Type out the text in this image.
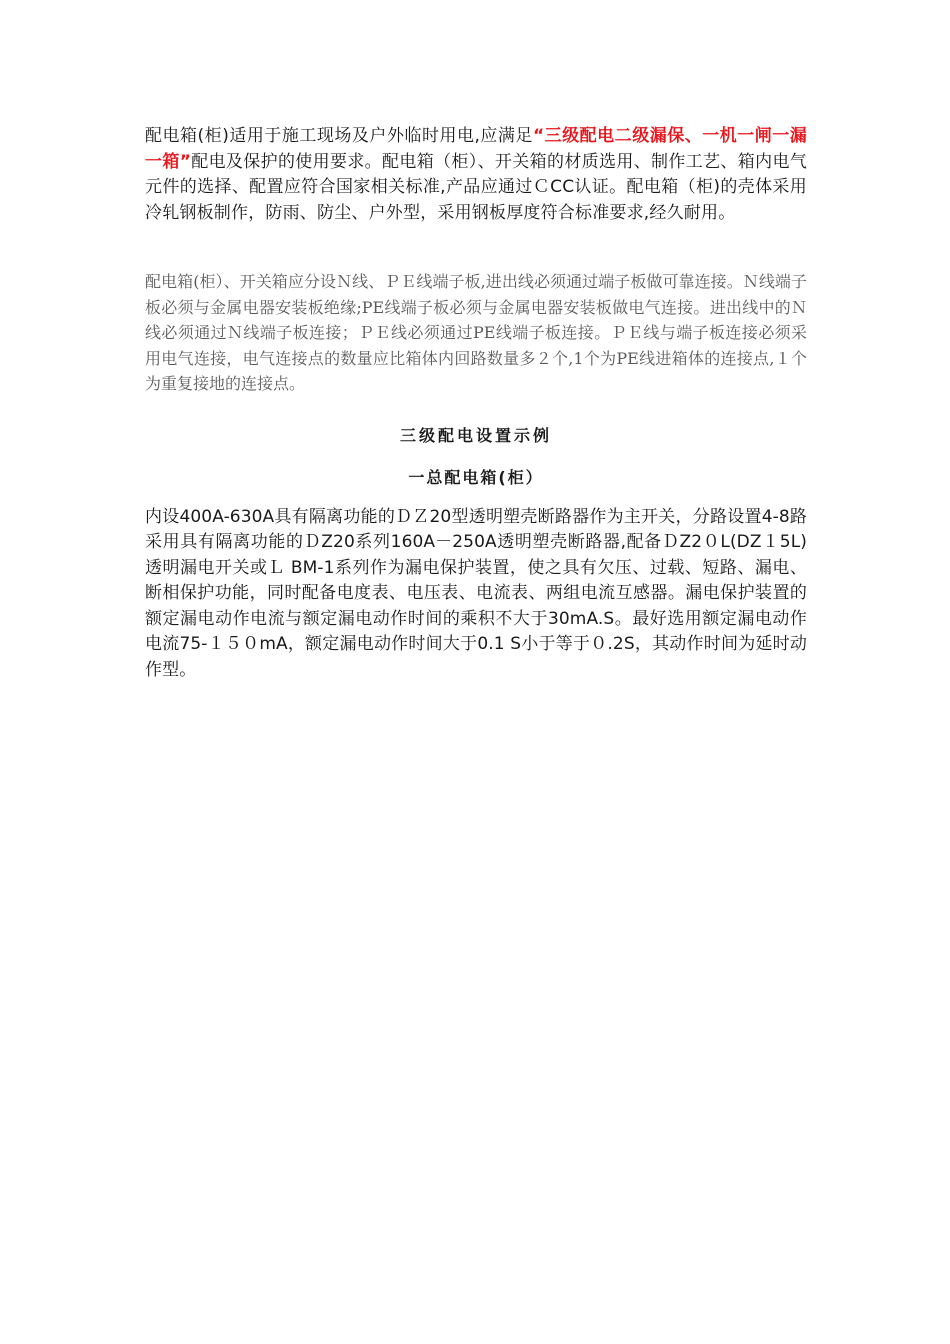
配电箱(柜)适用于施工现场及户外临时用电,应满足“三级配电二级漏保、一机一闸一漏一箱”配电及保护的使用要求。配电箱（柜）、开关箱的材质选用、制作工艺、箱内电气元件的选择、配置应符合国家相关标准,产品应通过ＣCC认证。配电箱（柜)的壳体采用冷轧钢板制作，防雨、防尘、户外型，采用钢板厚度符合标准要求,经久耐用。

配电箱(柜）、开关箱应分设Ｎ线、ＰＥ线端子板,进出线必须通过端子板做可靠连接。Ｎ线端子板必须与金属电器安装板绝缘;PE线端子板必须与金属电器安装板做电气连接。进出线中的Ｎ线必须通过Ｎ线端子板连接；ＰＥ线必须通过PE线端子板连接。ＰＥ线与端子板连接必须采用电气连接，电气连接点的数量应比箱体内回路数量多２个,1个为PE线进箱体的连接点,１个为重复接地的连接点。

三级配电设置示例
一总配电箱(柜）

内设400A-630A具有隔离功能的ＤＺ20型透明塑壳断路器作为主开关，分路设置4-8路采用具有隔离功能的ＤZ20系列160A－250A透明塑壳断路器,配备ＤZ2０L(DZ１5L)透明漏电开关或Ｌ BM-1系列作为漏电保护装置，使之具有欠压、过载、短路、漏电、断相保护功能，同时配备电度表、电压表、电流表、两组电流互感器。漏电保护装置的额定漏电动作电流与额定漏电动作时间的乘积不大于30mA.S。最好选用额定漏电动作电流75-１５０mA，额定漏电动作时间大于0.1 S小于等于０.2S，其动作时间为延时动作型。
